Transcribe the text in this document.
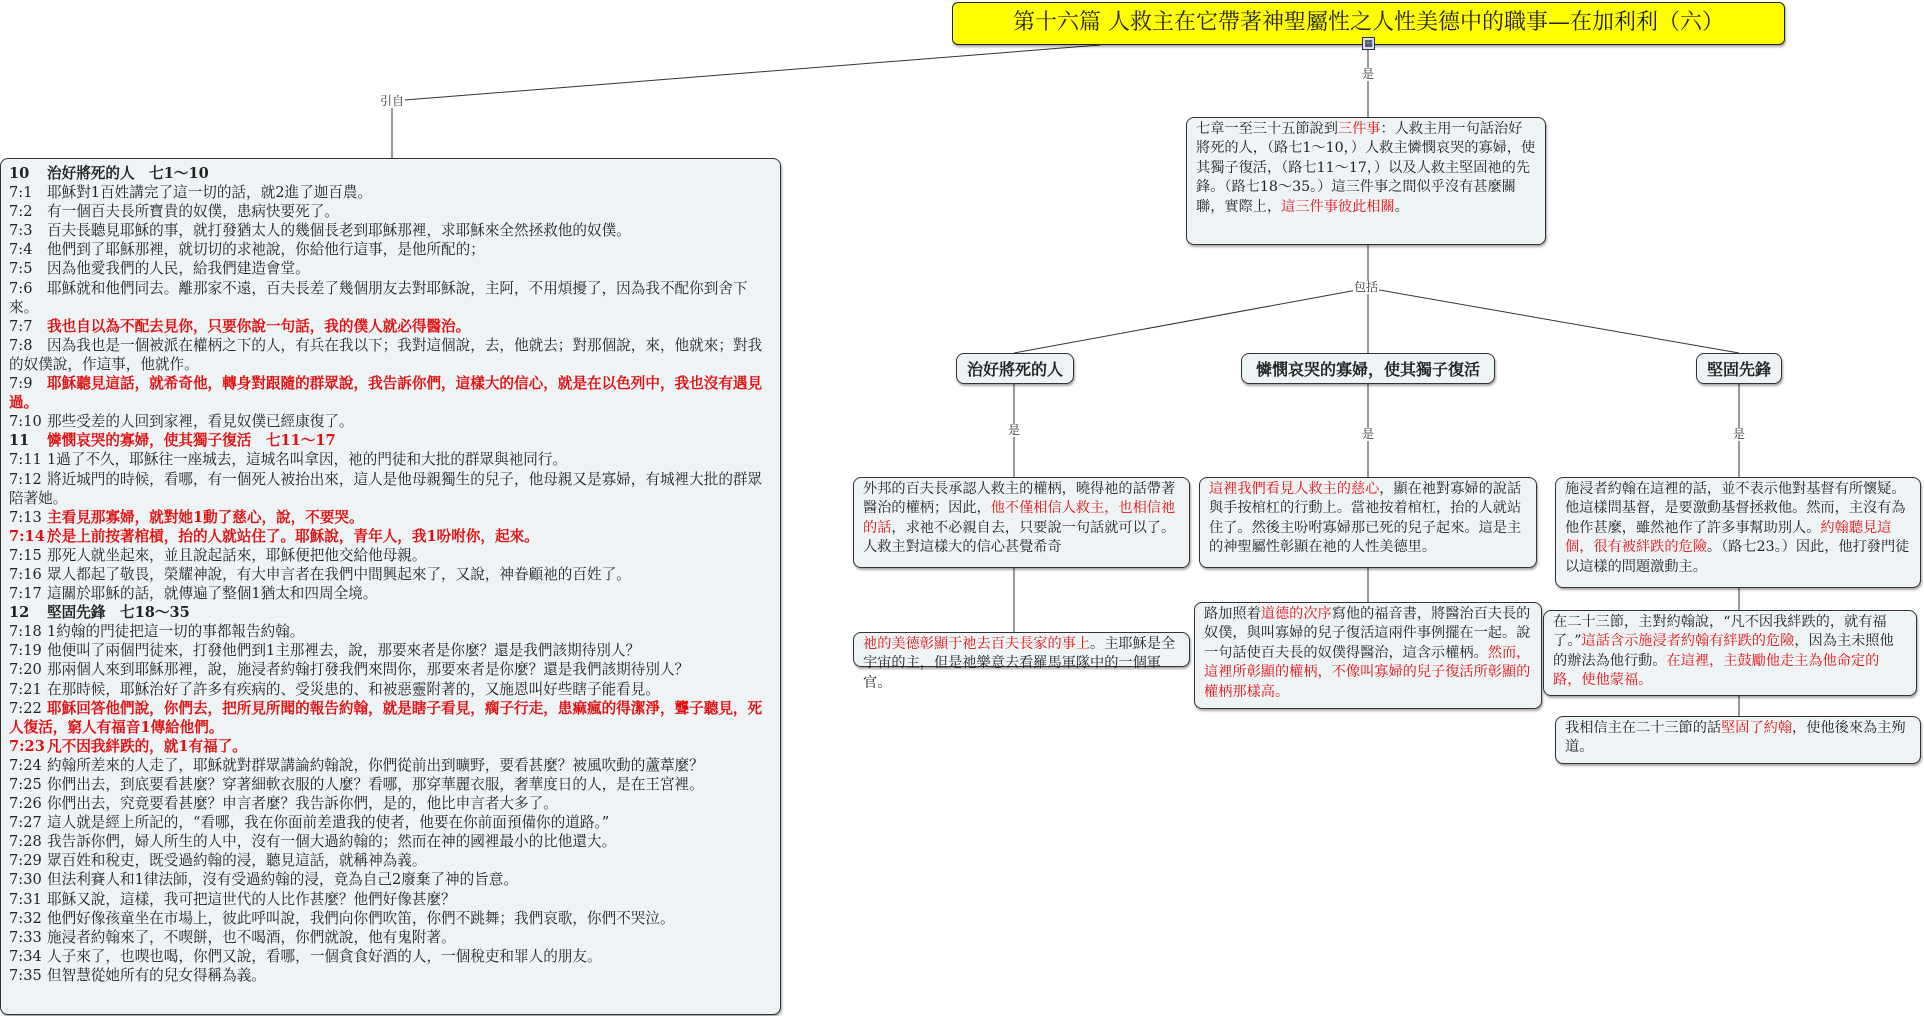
第十六篇 人救主在它帶著神聖屬性之人性美德中的職事—在加利利（六）
▦
引自
是
包括
是	是	是
七章一至三十五節說到三件事：人救主用一句話治好將死的人，（路七1～10，）人救主憐憫哀哭的寡婦，使其獨子復活，（路七11～17，）以及人救主堅固祂的先鋒。（路七18～35。）這三件事之間似乎沒有甚麼關聯，實際上，這三件事彼此相關。
治好將死的人	憐憫哀哭的寡婦，使其獨子復活	堅固先鋒
外邦的百夫長承認人救主的權柄，曉得祂的話帶著醫治的權柄；因此，他不僅相信人救主，也相信祂的話，求祂不必親自去，只要說一句話就可以了。人救主對這樣大的信心甚覺希奇
祂的美德彰顯于祂去百夫長家的事上。主耶穌是全宇宙的主，但是祂樂意去看羅馬軍隊中的一個軍官。
這裡我們看見人救主的慈心，顯在祂對寡婦的說話與手按棺杠的行動上。當祂按着棺杠，抬的人就站住了。然後主吩咐寡婦那已死的兒子起來。這是主的神聖屬性彰顯在祂的人性美德里。
路加照着道德的次序寫他的福音書，將醫治百夫長的奴僕，與叫寡婦的兒子復活這兩件事例擺在一起。說一句話使百夫長的奴僕得醫治，這含示權柄。然而，這裡所彰顯的權柄，不像叫寡婦的兒子復活所彰顯的權柄那樣高。
施浸者約翰在這裡的話，並不表示他對基督有所懷疑。他這樣問基督，是要激動基督拯救他。然而，主沒有為他作甚麼，雖然祂作了許多事幫助別人。約翰聽見這個，很有被絆跌的危險。（路七23。）因此，他打發門徒以這樣的問題激動主。
在二十三節，主對約翰說，“凡不因我絆跌的，就有福了。”這話含示施浸者約翰有絆跌的危險，因為主未照他的辦法為他行動。在這裡，主鼓勵他走主為他命定的路，使他蒙福。
我相信主在二十三節的話堅固了約翰，使他後來為主殉道。
10 治好將死的人　七1～10
7:1 耶穌對1百姓講完了這一切的話，就2進了迦百農。
7:2 有一個百夫長所寶貴的奴僕，患病快要死了。
7:3 百夫長聽見耶穌的事，就打發猶太人的幾個長老到耶穌那裡，求耶穌來全然拯救他的奴僕。
7:4 他們到了耶穌那裡，就切切的求祂說，你給他行這事，是他所配的；
7:5 因為他愛我們的人民，給我們建造會堂。
7:6 耶穌就和他們同去。離那家不遠，百夫長差了幾個朋友去對耶穌說，主阿，不用煩擾了，因為我不配你到舍下來。
7:7 我也自以為不配去見你，只要你說一句話，我的僕人就必得醫治。
7:8 因為我也是一個被派在權柄之下的人，有兵在我以下；我對這個說，去，他就去；對那個說，來，他就來；對我的奴僕說，作這事，他就作。
7:9 耶穌聽見這話，就希奇他，轉身對跟隨的群眾說，我告訴你們，這樣大的信心，就是在以色列中，我也沒有遇見過。
7:10 那些受差的人回到家裡，看見奴僕已經康復了。
11 憐憫哀哭的寡婦，使其獨子復活　七11～17
7:11 1過了不久，耶穌往一座城去，這城名叫拿因，祂的門徒和大批的群眾與祂同行。
7:12 將近城門的時候，看哪，有一個死人被抬出來，這人是他母親獨生的兒子，他母親又是寡婦，有城裡大批的群眾陪著她。
7:13 主看見那寡婦，就對她1動了慈心，說，不要哭。
7:14 於是上前按著棺槓，抬的人就站住了。耶穌說，青年人，我1吩咐你，起來。
7:15 那死人就坐起來，並且說起話來，耶穌便把他交給他母親。
7:16 眾人都起了敬畏，榮耀神說，有大申言者在我們中間興起來了，又說，神眷顧祂的百姓了。
7:17 這關於耶穌的話，就傳遍了整個1猶太和四周全境。
12 堅固先鋒　七18～35
7:18 1約翰的門徒把這一切的事都報告約翰。
7:19 他便叫了兩個門徒來，打發他們到1主那裡去，說，那要來者是你麼？還是我們該期待別人？
7:20 那兩個人來到耶穌那裡，說，施浸者約翰打發我們來問你，那要來者是你麼？還是我們該期待別人？
7:21 在那時候，耶穌治好了許多有疾病的、受災患的、和被惡靈附著的，又施恩叫好些瞎子能看見。
7:22 耶穌回答他們說，你們去，把所見所聞的報告約翰，就是瞎子看見，瘸子行走，患痲瘋的得潔淨，聾子聽見，死人復活，窮人有福音1傳給他們。
7:23 凡不因我絆跌的，就1有福了。
7:24 約翰所差來的人走了，耶穌就對群眾講論約翰說，你們從前出到曠野，要看甚麼？被風吹動的蘆葦麼？
7:25 你們出去，到底要看甚麼？穿著細軟衣服的人麼？看哪，那穿華麗衣服，奢華度日的人，是在王宮裡。
7:26 你們出去，究竟要看甚麼？申言者麼？我告訴你們，是的，他比申言者大多了。
7:27 這人就是經上所記的，“看哪，我在你面前差遣我的使者，他要在你前面預備你的道路。”
7:28 我告訴你們，婦人所生的人中，沒有一個大過約翰的；然而在神的國裡最小的比他還大。
7:29 眾百姓和稅吏，既受過約翰的浸，聽見這話，就稱神為義。
7:30 但法利賽人和1律法師，沒有受過約翰的浸，竟為自己2廢棄了神的旨意。
7:31 耶穌又說，這樣，我可把這世代的人比作甚麼？他們好像甚麼？
7:32 他們好像孩童坐在市場上，彼此呼叫說，我們向你們吹笛，你們不跳舞；我們哀歌，你們不哭泣。
7:33 施浸者約翰來了，不喫餅，也不喝酒，你們就說，他有鬼附著。
7:34 人子來了，也喫也喝，你們又說，看哪，一個貪食好酒的人，一個稅吏和罪人的朋友。
7:35 但智慧從她所有的兒女得稱為義。
